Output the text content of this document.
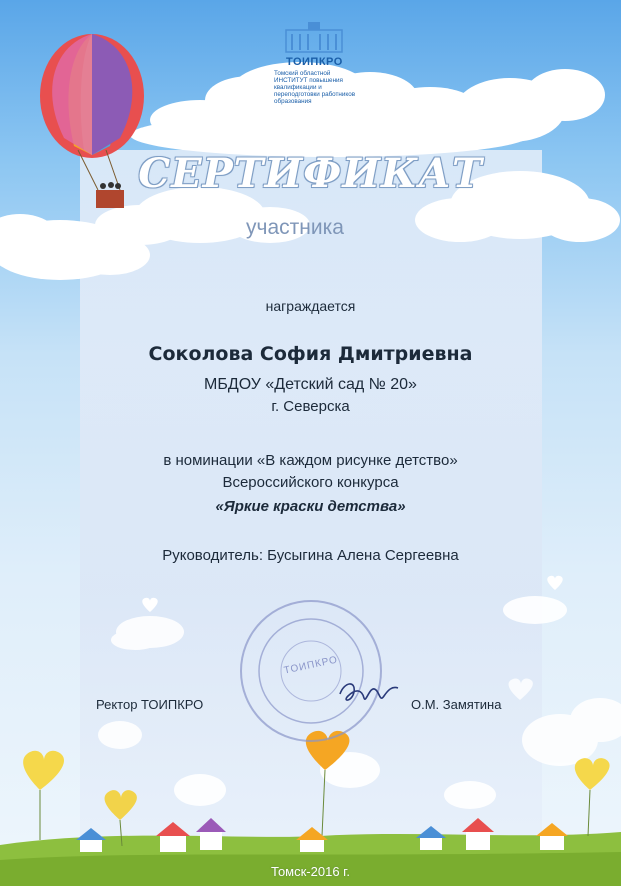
ТОИПКРО
Томский областной ИНСТИТУТ повышения квалификации и переподготовки работников образования
СЕРТИФИКАТ
участника
награждается
Соколова София Дмитриевна
МБДОУ «Детский сад № 20»
г. Северска
в номинации «В каждом рисунке детство»
Всероссийского конкурса
«Яркие краски детства»
Руководитель: Бусыгина Алена Сергеевна
ТОИПКРО
Ректор ТОИПКРО	О.М. Замятина
Томск-2016 г.
